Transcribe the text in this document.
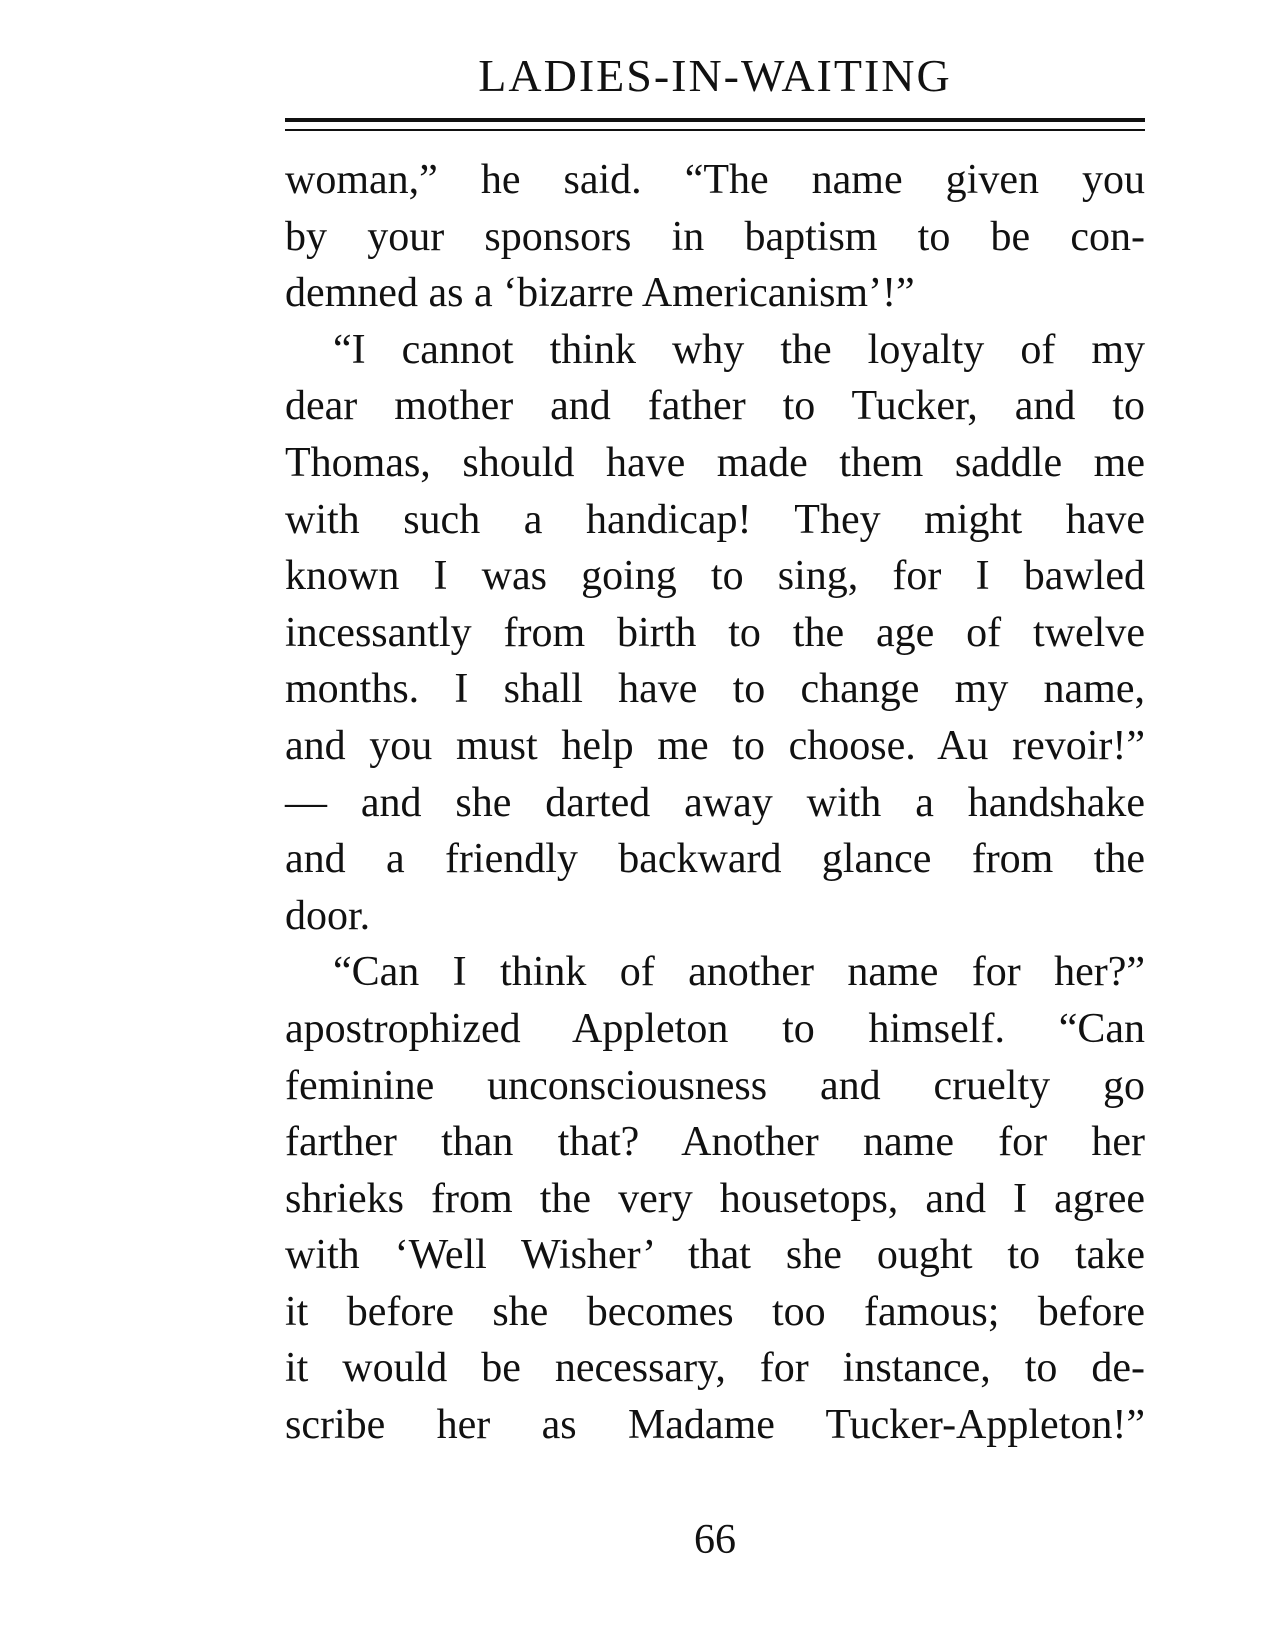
LADIES-IN-WAITING
woman,” he said. “The name given you
by your sponsors in baptism to be con-
demned as a ‘bizarre Americanism’!”
“I cannot think why the loyalty of my
dear mother and father to Tucker, and to
Thomas, should have made them saddle me
with such a handicap! They might have
known I was going to sing, for I bawled
incessantly from birth to the age of twelve
months. I shall have to change my name,
and you must help me to choose. Au revoir!”
— and she darted away with a handshake
and a friendly backward glance from the
door.
“Can I think of another name for her?”
apostrophized Appleton to himself. “Can
feminine unconsciousness and cruelty go
farther than that? Another name for her
shrieks from the very housetops, and I agree
with ‘Well Wisher’ that she ought to take
it before she becomes too famous; before
it would be necessary, for instance, to de-
scribe her as Madame Tucker-Appleton!”
66
